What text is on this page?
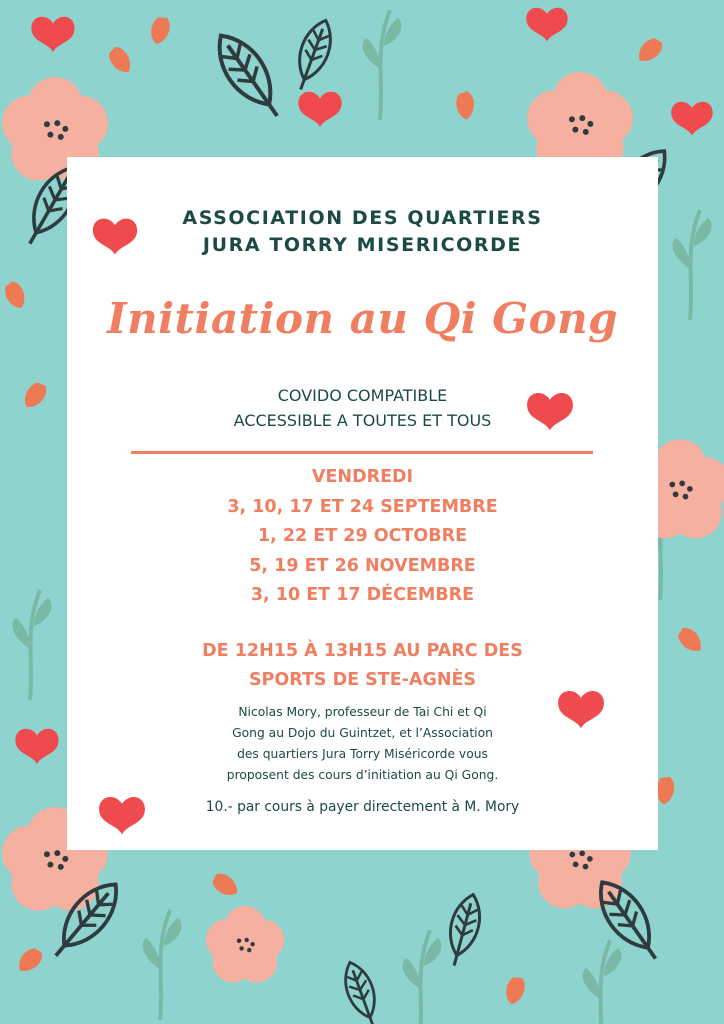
ASSOCIATION DES QUARTIERS
JURA TORRY MISERICORDE
Initiation au Qi Gong

COVIDO COMPATIBLE
ACCESSIBLE A TOUTES ET TOUS

VENDREDI
3, 10, 17 ET 24 SEPTEMBRE
1, 22 ET 29 OCTOBRE
5, 19 ET 26 NOVEMBRE
3, 10 ET 17 DÉCEMBRE

DE 12H15 À 13H15 AU PARC DES
SPORTS DE STE-AGNÈS

Nicolas Mory, professeur de Tai Chi et Qi
Gong au Dojo du Guintzet, et l’Association
des quartiers Jura Torry Miséricorde vous
proposent des cours d’initiation au Qi Gong.

10.- par cours à payer directement à M. Mory
